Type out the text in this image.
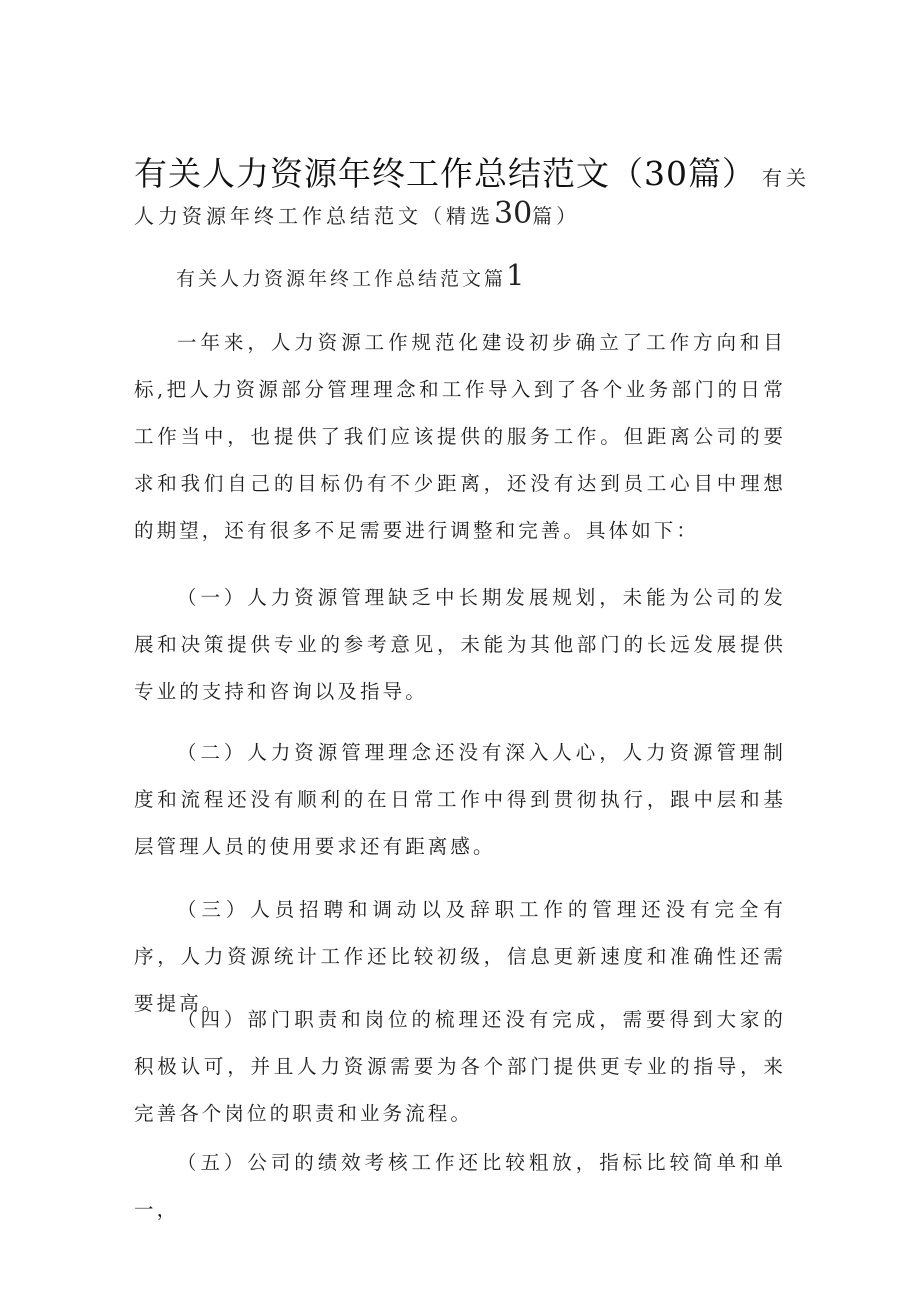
有关人力资源年终工作总结范文（30篇） 有关
人力资源年终工作总结范文（精选30篇）
有关人力资源年终工作总结范文篇1

一年来，人力资源工作规范化建设初步确立了工作方向和目标,把人力资源部分管理理念和工作导入到了各个业务部门的日常工作当中，也提供了我们应该提供的服务工作。但距离公司的要求和我们自己的目标仍有不少距离，还没有达到员工心目中理想的期望，还有很多不足需要进行调整和完善。具体如下：

（一）人力资源管理缺乏中长期发展规划，未能为公司的发展和决策提供专业的参考意见，未能为其他部门的长远发展提供专业的支持和咨询以及指导。

（二）人力资源管理理念还没有深入人心，人力资源管理制度和流程还没有顺利的在日常工作中得到贯彻执行，跟中层和基层管理人员的使用要求还有距离感。

（三）人员招聘和调动以及辞职工作的管理还没有完全有序，人力资源统计工作还比较初级，信息更新速度和准确性还需要提高。

（四）部门职责和岗位的梳理还没有完成，需要得到大家的积极认可，并且人力资源需要为各个部门提供更专业的指导，来完善各个岗位的职责和业务流程。

（五）公司的绩效考核工作还比较粗放，指标比较简单和单一，
